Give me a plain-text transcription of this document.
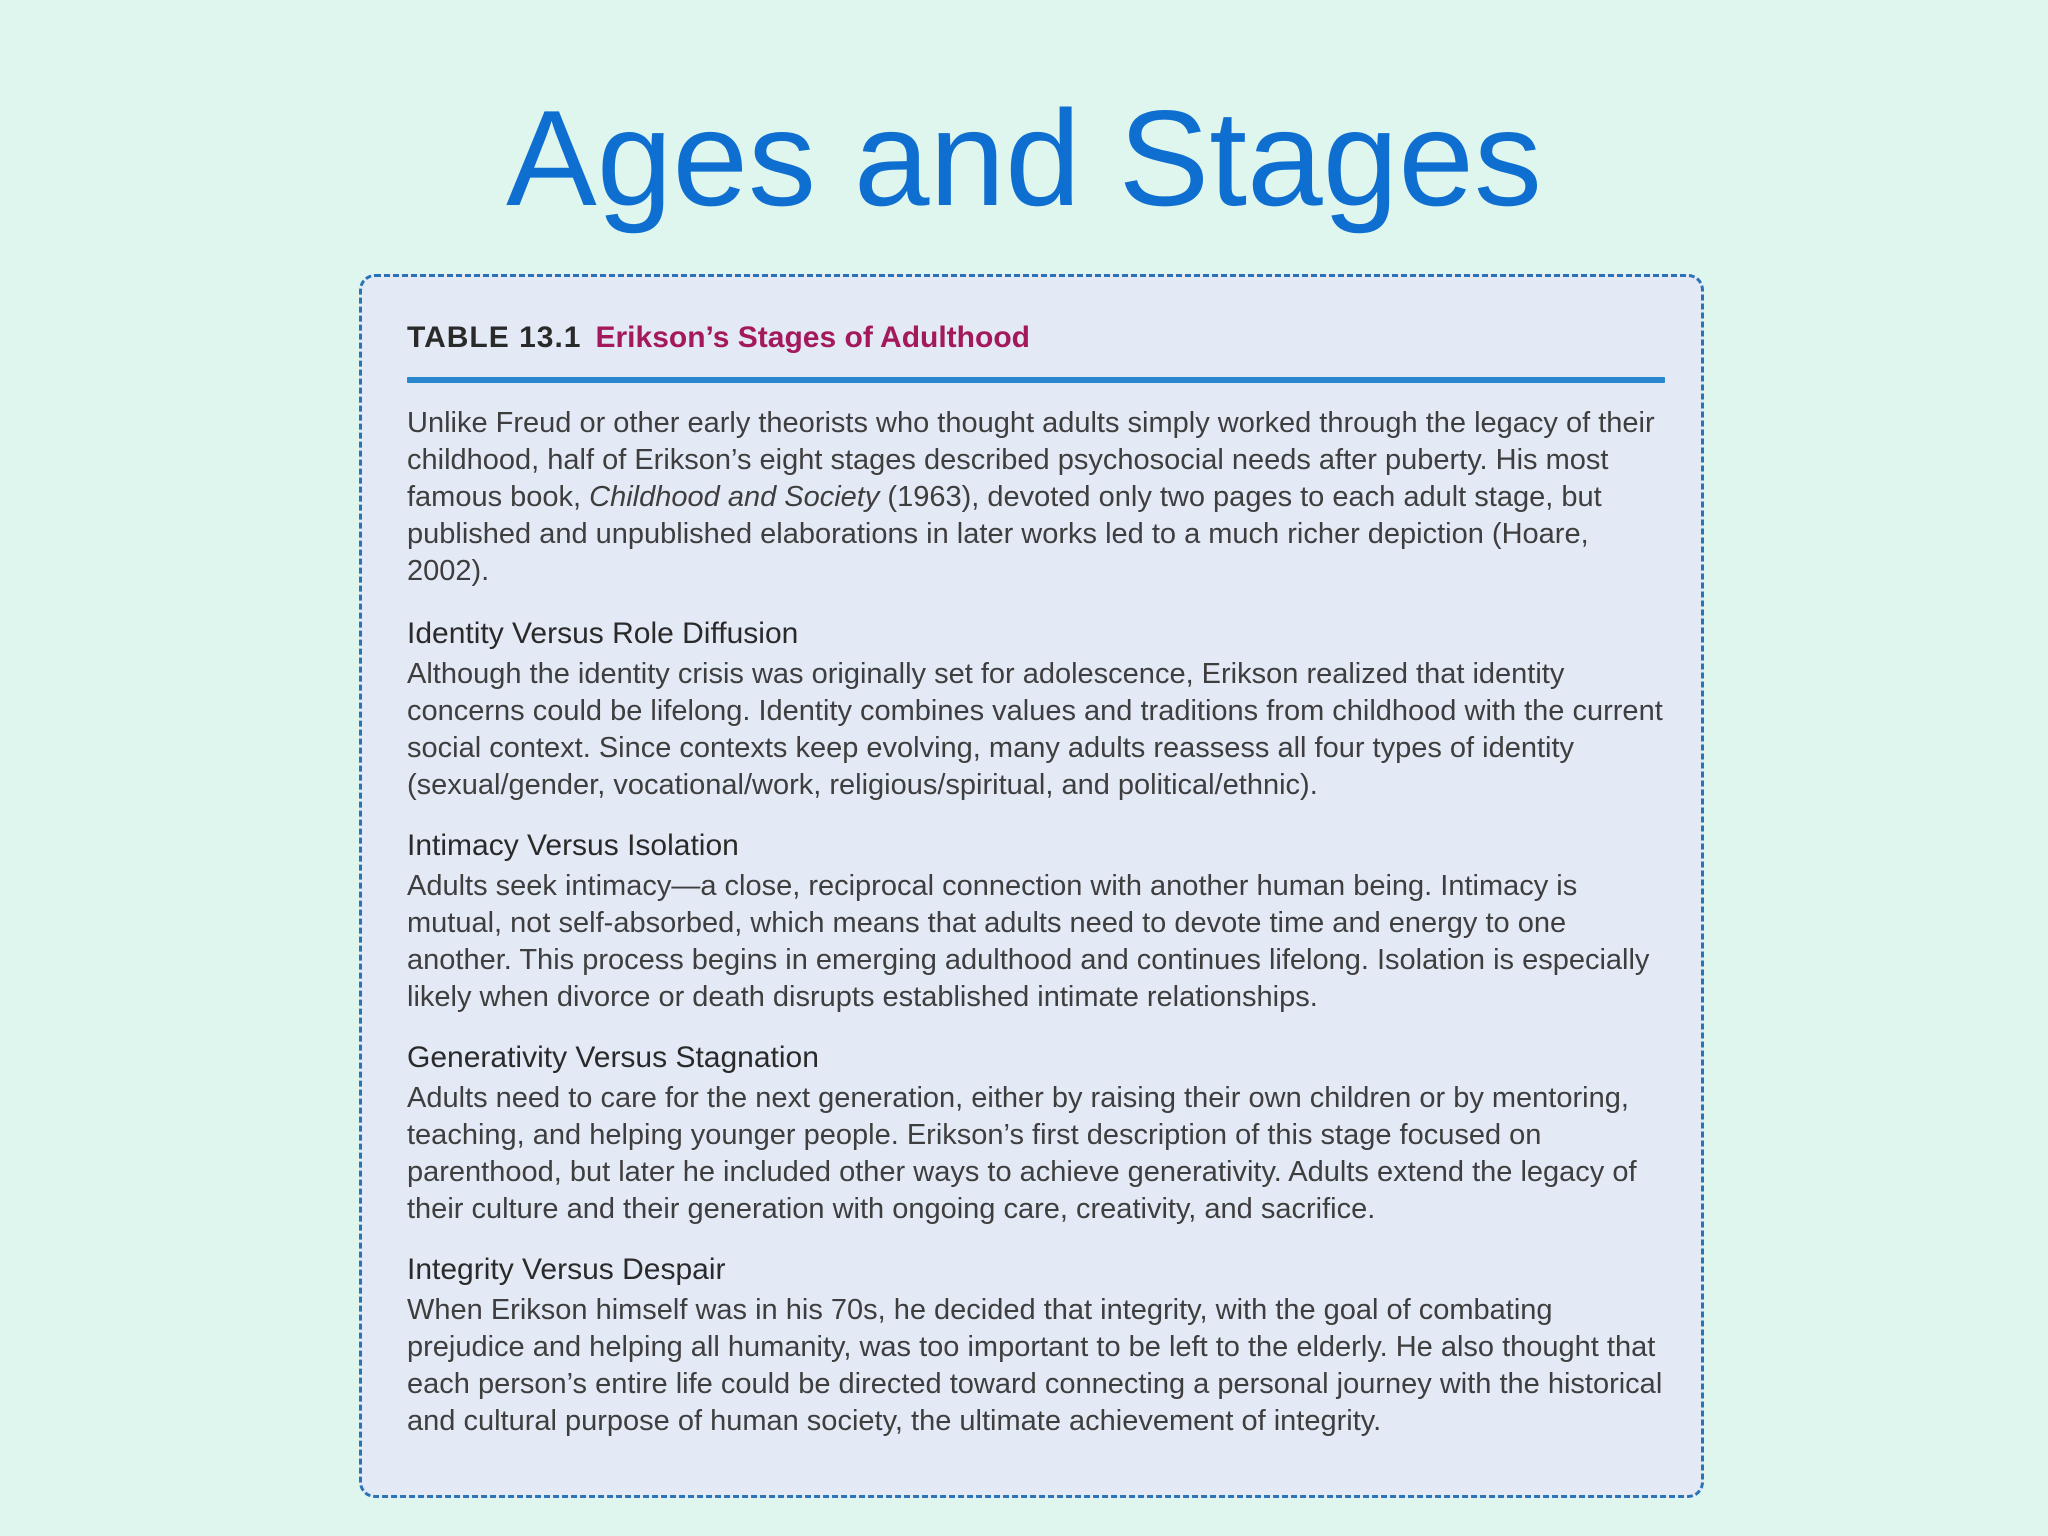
Ages and Stages
TABLE 13.1 Erikson’s Stages of Adulthood

Unlike Freud or other early theorists who thought adults simply worked through the legacy of their childhood, half of Erikson’s eight stages described psychosocial needs after puberty. His most famous book, Childhood and Society (1963), devoted only two pages to each adult stage, but published and unpublished elaborations in later works led to a much richer depiction (Hoare, 2002).

Identity Versus Role Diffusion

Although the identity crisis was originally set for adolescence, Erikson realized that identity concerns could be lifelong. Identity combines values and traditions from childhood with the current social context. Since contexts keep evolving, many adults reassess all four types of identity (sexual/gender, vocational/work, religious/spiritual, and political/ethnic).

Intimacy Versus Isolation

Adults seek intimacy—a close, reciprocal connection with another human being. Intimacy is mutual, not self-absorbed, which means that adults need to devote time and energy to one another. This process begins in emerging adulthood and continues lifelong. Isolation is especially likely when divorce or death disrupts established intimate relationships.

Generativity Versus Stagnation

Adults need to care for the next generation, either by raising their own children or by mentoring, teaching, and helping younger people. Erikson’s first description of this stage focused on parenthood, but later he included other ways to achieve generativity. Adults extend the legacy of their culture and their generation with ongoing care, creativity, and sacrifice.

Integrity Versus Despair

When Erikson himself was in his 70s, he decided that integrity, with the goal of combating prejudice and helping all humanity, was too important to be left to the elderly. He also thought that each person’s entire life could be directed toward connecting a personal journey with the historical and cultural purpose of human society, the ultimate achievement of integrity.
